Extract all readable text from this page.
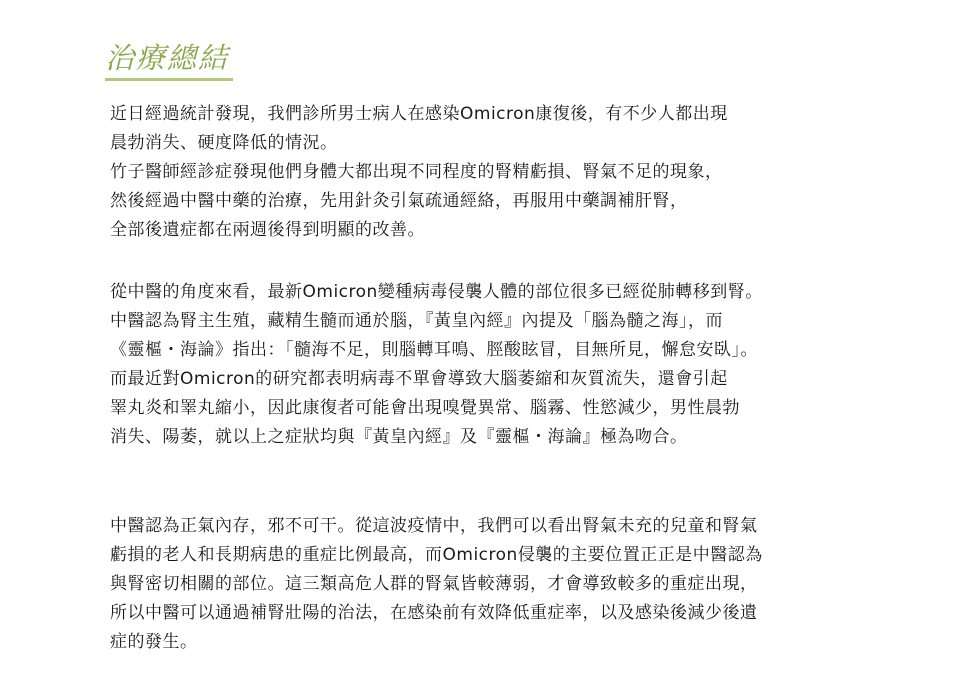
治療總結
近日經過統計發現，我們診所男士病人在感染Omicron康復後，有不少人都出現
晨勃消失、硬度降低的情況。
竹子醫師經診症發現他們身體大都出現不同程度的腎精虧損、腎氣不足的現象，
然後經過中醫中藥的治療，先用針灸引氣疏通經絡，再服用中藥調補肝腎，
全部後遺症都在兩週後得到明顯的改善。
從中醫的角度來看，最新Omicron變種病毒侵襲人體的部位很多已經從肺轉移到腎。
中醫認為腎主生殖，藏精生髓而通於腦，『黃皇內經』內提及「腦為髓之海」，而
《靈樞・海論》指出：「髓海不足，則腦轉耳鳴、脛酸眩冒，目無所見，懈怠安臥」。
而最近對Omicron的研究都表明病毒不單會導致大腦萎縮和灰質流失，還會引起
睪丸炎和睪丸縮小，因此康復者可能會出現嗅覺異常、腦霧、性慾減少，男性晨勃
消失、陽萎，就以上之症狀均與『黃皇內經』及『靈樞・海論』極為吻合。
中醫認為正氣內存，邪不可干。從這波疫情中，我們可以看出腎氣未充的兒童和腎氣
虧損的老人和長期病患的重症比例最高，而Omicron侵襲的主要位置正正是中醫認為
與腎密切相關的部位。這三類高危人群的腎氣皆較薄弱，才會導致較多的重症出現，
所以中醫可以通過補腎壯陽的治法，在感染前有效降低重症率，以及感染後減少後遺
症的發生。
